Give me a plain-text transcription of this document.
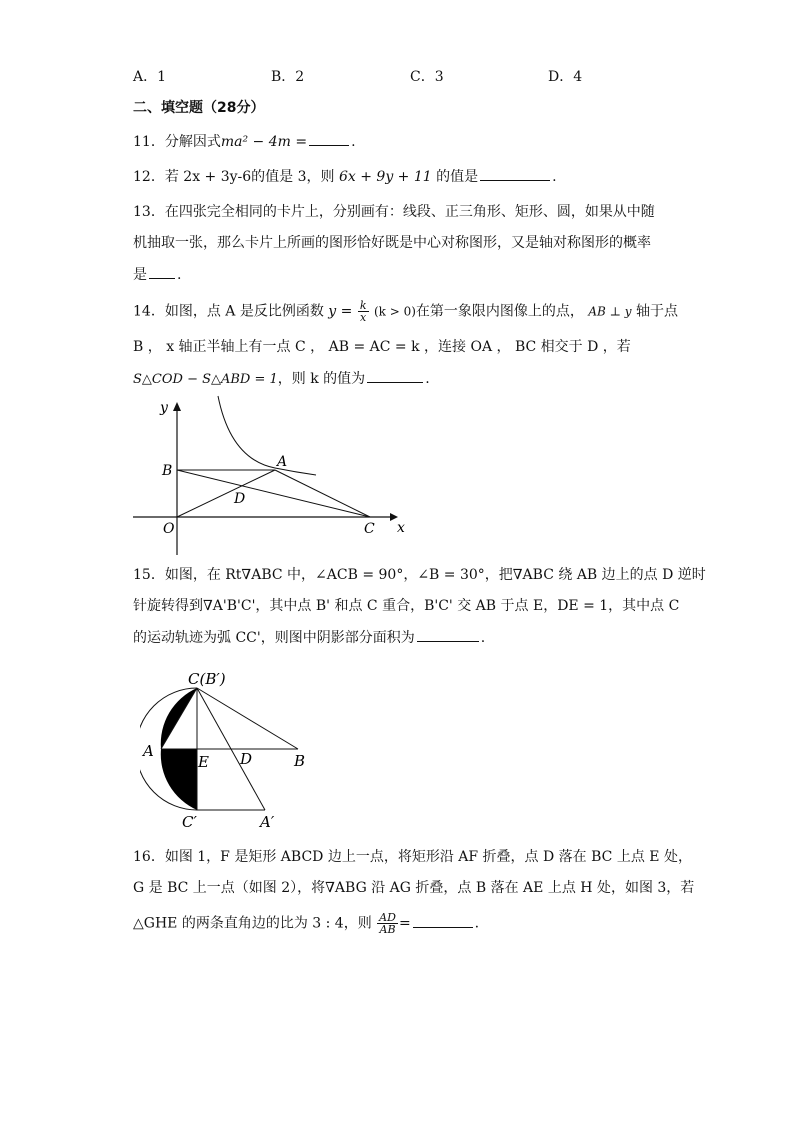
A．1	B．2	C．3	D．4
二、填空题（28分）
11．分解因式ma² − 4m =	.
12．若 2x + 3y-6的值是 3，则 6x + 9y + 11 的值是	.
13．在四张完全相同的卡片上，分别画有：线段、正三角形、矩形、圆，如果从中随
机抽取一张，那么卡片上所画的图形恰好既是中心对称图形，又是轴对称图形的概率
是 .
14．如图，点 A 是反比例函数 $y = \frac{k}{x} (k > 0)$在第一象限内图像上的点， AB ⊥ y 轴于点
B ， x 轴正半轴上有一点 C ， AB = AC = k ，连接 OA ， BC 相交于 D ，若
S△COD − S△ABD = 1，则 k 的值为	.
y
x
B
A
D
O	C
15．如图，在 Rt∇ABC 中，∠ACB = 90°，∠B = 30°，把∇ABC 绕 AB 边上的点 D 逆时
针旋转得到∇A'B'C'，其中点 B' 和点 C 重合，B'C' 交 AB 于点 E，DE = 1，其中点 C
的运动轨迹为弧 CC'，则图中阴影部分面积为	.
C(B′)
A
E D	B
C′	A′
16．如图 1，F 是矩形 ABCD 边上一点，将矩形沿 AF 折叠，点 D 落在 BC 上点 E 处，
G 是 BC 上一点（如图 2），将∇ABG 沿 AG 折叠，点 B 落在 AE 上点 H 处，如图 3，若
△GHE 的两条直角边的比为 3 : 4，则 $\frac{AD}{AB}$ =	.
